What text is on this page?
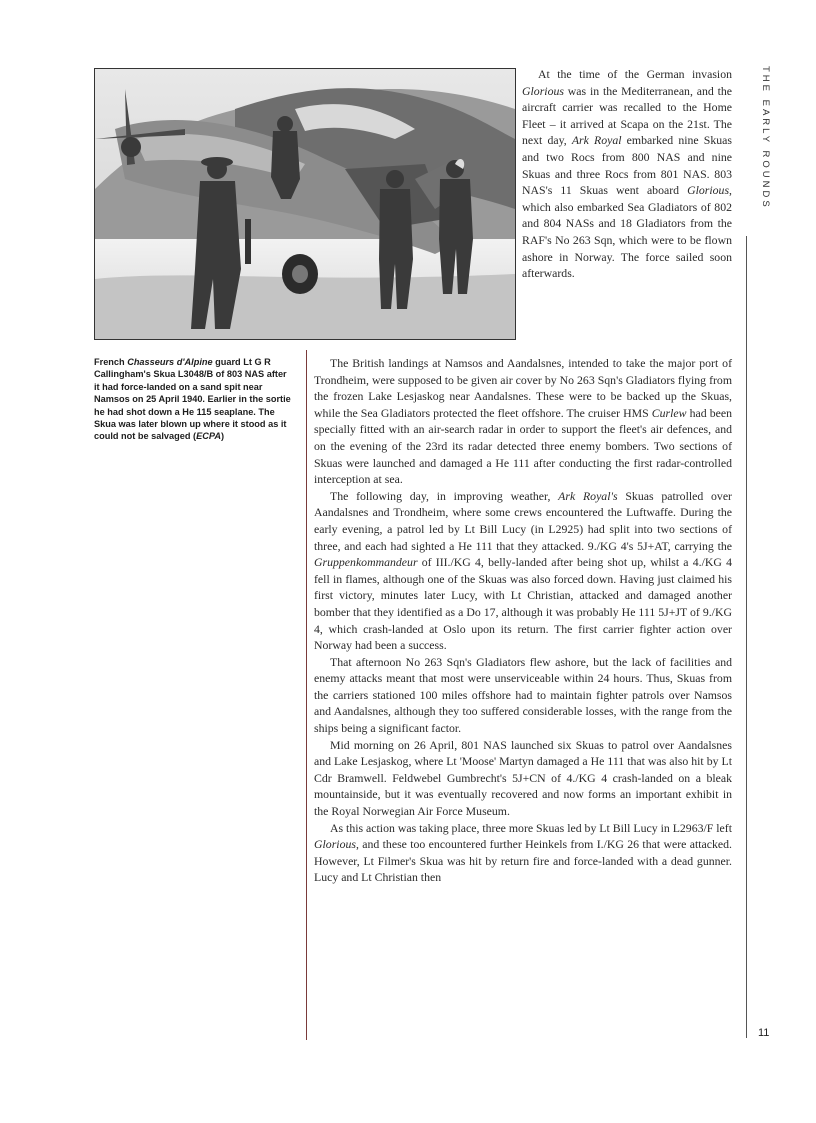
French Chasseurs d'Alpine guard Lt G R Callingham's Skua L3048/B of 803 NAS after it had force-landed on a sand spit near Namsos on 25 April 1940. Earlier in the sortie he had shot down a He 115 seaplane. The Skua was later blown up where it stood as it could not be salvaged (ECPA)

At the time of the German invasion Glorious was in the Mediterranean, and the aircraft carrier was recalled to the Home Fleet – it arrived at Scapa on the 21st. The next day, Ark Royal embarked nine Skuas and two Rocs from 800 NAS and nine Skuas and three Rocs from 801 NAS. 803 NAS's 11 Skuas went aboard Glorious, which also embarked Sea Gladiators of 802 and 804 NASs and 18 Gladiators from the RAF's No 263 Sqn, which were to be flown ashore in Norway. The force sailed soon afterwards.

The British landings at Namsos and Aandalsnes, intended to take the major port of Trondheim, were supposed to be given air cover by No 263 Sqn's Gladiators flying from the frozen Lake Lesjaskog near Aandalsnes. These were to be backed up the Skuas, while the Sea Gladiators protected the fleet offshore. The cruiser HMS Curlew had been specially fitted with an air-search radar in order to support the fleet's air defences, and on the evening of the 23rd its radar detected three enemy bombers. Two sections of Skuas were launched and damaged a He 111 after conducting the first radar-controlled interception at sea.

The following day, in improving weather, Ark Royal's Skuas patrolled over Aandalsnes and Trondheim, where some crews encountered the Luftwaffe. During the early evening, a patrol led by Lt Bill Lucy (in L2925) had split into two sections of three, and each had sighted a He 111 that they attacked. 9./KG 4's 5J+AT, carrying the Gruppenkommandeur of III./KG 4, belly-landed after being shot up, whilst a 4./KG 4 fell in flames, although one of the Skuas was also forced down. Having just claimed his first victory, minutes later Lucy, with Lt Christian, attacked and damaged another bomber that they identified as a Do 17, although it was probably He 111 5J+JT of 9./KG 4, which crash-landed at Oslo upon its return. The first carrier fighter action over Norway had been a success.

That afternoon No 263 Sqn's Gladiators flew ashore, but the lack of facilities and enemy attacks meant that most were unserviceable within 24 hours. Thus, Skuas from the carriers stationed 100 miles offshore had to maintain fighter patrols over Namsos and Aandalsnes, although they too suffered considerable losses, with the range from the ships being a significant factor.

Mid morning on 26 April, 801 NAS launched six Skuas to patrol over Aandalsnes and Lake Lesjaskog, where Lt 'Moose' Martyn damaged a He 111 that was also hit by Lt Cdr Bramwell. Feldwebel Gumbrecht's 5J+CN of 4./KG 4 crash-landed on a bleak mountainside, but it was eventually recovered and now forms an important exhibit in the Royal Norwegian Air Force Museum.

As this action was taking place, three more Skuas led by Lt Bill Lucy in L2963/F left Glorious, and these too encountered further Heinkels from I./KG 26 that were attacked. However, Lt Filmer's Skua was hit by return fire and force-landed with a dead gunner. Lucy and Lt Christian then

THE EARLY ROUNDS
11
